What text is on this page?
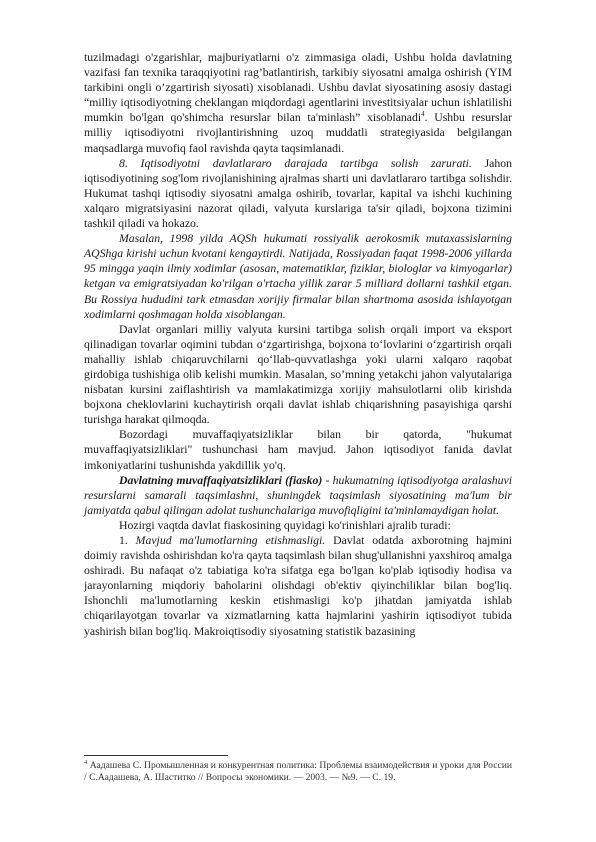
tuzilmadagi o'zgarishlar, majburiyatlarni o'z zimmasiga oladi, Ushbu holda davlatning vazifasi fan texnika taraqqiyotini rag’batlantirish, tarkibiy siyosatni amalga oshirish (YIM tarkibini ongli o’zgartirish siyosati) xisoblanadi. Ushbu davlat siyosatining asosiy dastagi “milliy iqtisodiyotning cheklangan miqdordagi agentlarini investitsiyalar uchun ishlatilishi mumkin bo'lgan qo'shimcha resurslar bilan ta'minlash” xisoblanadi$^4$. Ushbu resurslar milliy iqtisodiyotni rivojlantirishning uzoq muddatli strategiyasida belgilangan maqsadlarga muvofiq faol ravishda qayta taqsimlanadi.

8. Iqtisodiyotni davlatlararo darajada tartibga solish zarurati. Jahon iqtisodiyotining sog'lom rivojlanishining ajralmas sharti uni davlatlararo tartibga solishdir. Hukumat tashqi iqtisodiy siyosatni amalga oshirib, tovarlar, kapital va ishchi kuchining xalqaro migratsiyasini nazorat qiladi, valyuta kurslariga ta'sir qiladi, bojxona tizimini tashkil qiladi va hokazo.

Masalan, 1998 yilda AQSh hukumati rossiyalik aerokosmik mutaxassislarning AQShga kirishi uchun kvotani kengaytirdi. Natijada, Rossiyadan faqat 1998-2006 yillarda 95 mingga yaqin ilmiy xodimlar (asosan, matematiklar, fiziklar, biologlar va kimyogarlar) ketgan va emigratsiyadan ko'rilgan o'rtacha yillik zarar 5 milliard dollarni tashkil etgan. Bu Rossiya hududini tark etmasdan xorijiy firmalar bilan shartnoma asosida ishlayotgan xodimlarni qoshmagan holda xisoblangan.

Davlat organlari milliy valyuta kursini tartibga solish orqali import va eksport qilinadigan tovarlar oqimini tubdan o‘zgartirishga, bojxona to‘lovlarini o‘zgartirish orqali mahalliy ishlab chiqaruvchilarni qo‘llab-quvvatlashga yoki ularni xalqaro raqobat girdobiga tushishiga olib kelishi mumkin. Masalan, so’mning yetakchi jahon valyutalariga nisbatan kursini zaiflashtirish va mamlakatimizga xorijiy mahsulotlarni olib kirishda bojxona cheklovlarini kuchaytirish orqali davlat ishlab chiqarishning pasayishiga qarshi turishga harakat qilmoqda.

Bozordagi muvaffaqiyatsizliklar bilan bir qatorda, "hukumat muvaffaqiyatsizliklari" tushunchasi ham mavjud. Jahon iqtisodiyot fanida davlat imkoniyatlarini tushunishda yakdillik yo'q.

Davlatning muvaffaqiyatsizliklari (fiasko) - hukumatning iqtisodiyotga aralashuvi resurslarni samarali taqsimlashni, shuningdek taqsimlash siyosatining ma'lum bir jamiyatda qabul qilingan adolat tushunchalariga muvofiqligini ta'minlamaydigan holat.

Hozirgi vaqtda davlat fiaskosining quyidagi ko'rinishlari ajralib turadi:

1. Mavjud ma'lumotlarning etishmasligi. Davlat odatda axborotning hajmini doimiy ravishda oshirishdan ko'ra qayta taqsimlash bilan shug'ullanishni yaxshiroq amalga oshiradi. Bu nafaqat o'z tabiatiga ko'ra sifatga ega bo'lgan ko'plab iqtisodiy hodisa va jarayonlarning miqdoriy baholarini olishdagi ob'ektiv qiyinchiliklar bilan bog'liq. Ishonchli ma'lumotlarning keskin etishmasligi ko'p jihatdan jamiyatda ishlab chiqarilayotgan tovarlar va xizmatlarning katta hajmlarini yashirin iqtisodiyot tubida yashirish bilan bog'liq. Makroiqtisodiy siyosatning statistik bazasining

$^4$ Аадашева С. Промышленная и конкурентная политика: Проблемы взаимодействия и уроки для России / С.Аадашева, А. Шаститко // Вопросы экономики. — 2003. — №9. — С. 19.
